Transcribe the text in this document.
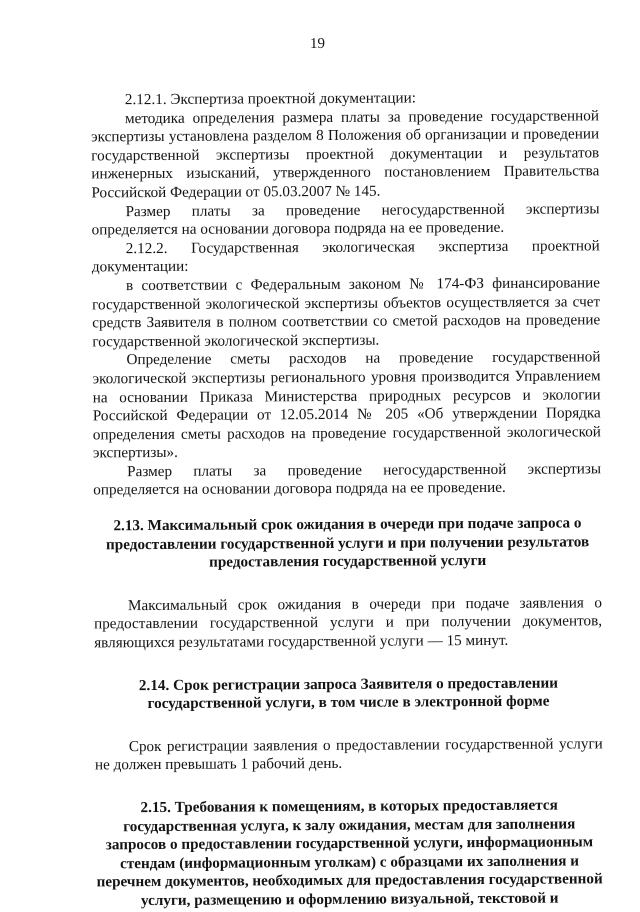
19

2.12.1. Экспертиза проектной документации:

методика определения размера платы за проведение государственной экспертизы установлена разделом 8 Положения об организации и проведении государственной экспертизы проектной документации и результатов инженерных изысканий, утвержденного постановлением Правительства Российской Федерации от 05.03.2007 № 145.

Размер платы за проведение негосударственной экспертизы определяется на основании договора подряда на ее проведение.

2.12.2. Государственная экологическая экспертиза проектной документации:

в соответствии с Федеральным законом № 174-ФЗ финансирование государственной экологической экспертизы объектов осуществляется за счет средств Заявителя в полном соответствии со сметой расходов на проведение государственной экологической экспертизы.

Определение сметы расходов на проведение государственной экологической экспертизы регионального уровня производится Управлением на основании Приказа Министерства природных ресурсов и экологии Российской Федерации от 12.05.2014 № 205 «Об утверждении Порядка определения сметы расходов на проведение государственной экологической экспертизы».

Размер платы за проведение негосударственной экспертизы определяется на основании договора подряда на ее проведение.

2.13. Максимальный срок ожидания в очереди при подаче запроса о предоставлении государственной услуги и при получении результатов предоставления государственной услуги

Максимальный срок ожидания в очереди при подаче заявления о предоставлении государственной услуги и при получении документов, являющихся результатами государственной услуги — 15 минут.

2.14. Срок регистрации запроса Заявителя о предоставлении государственной услуги, в том числе в электронной форме

Срок регистрации заявления о предоставлении государственной услуги не должен превышать 1 рабочий день.

2.15. Требования к помещениям, в которых предоставляется государственная услуга, к залу ожидания, местам для заполнения запросов о предоставлении государственной услуги, информационным стендам (информационным уголкам) с образцами их заполнения и перечнем документов, необходимых для предоставления государственной услуги, размещению и оформлению визуальной, текстовой и
